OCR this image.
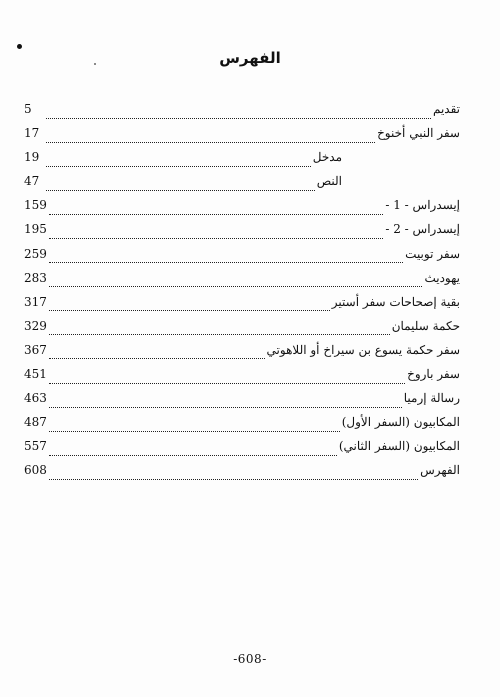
الفهرس
تقديم
5
سفر النبي أخنوخ
17
مدخل
19
النص
47
إيسدراس - 1 -
159
إيسدراس - 2 -
195
سفر توبيت
259
يهوديث
283
بقية إصحاحات سفر أستير
317
حكمة سليمان
329
سفر حكمة يسوع بن سيراخ أو اللاهوتي
367
سفر باروخ
451
رسالة إرميا
463
المكابيون (السفر الأول)
487
المكابيون (السفر الثاني)
557
الفهرس
608
-608-
